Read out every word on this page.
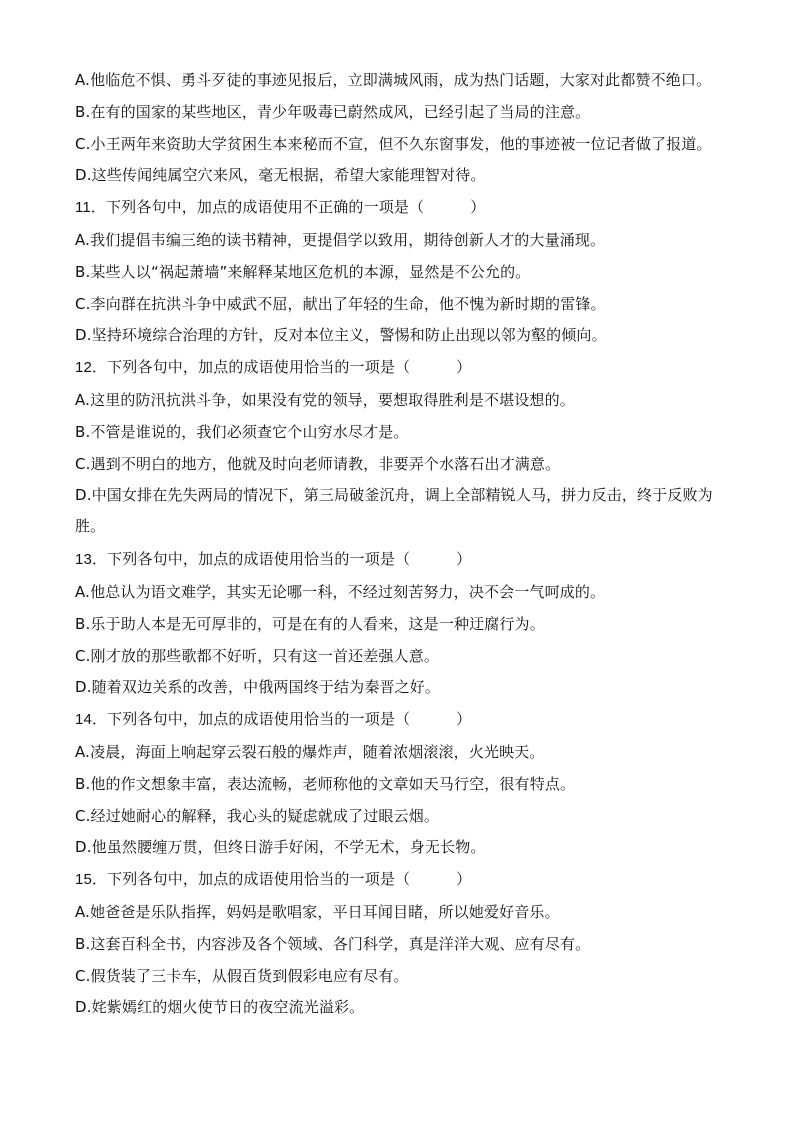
A.他临危不惧、勇斗歹徒的事迹见报后，立即满城风雨，成为热门话题，大家对此都赞不绝口。
B.在有的国家的某些地区，青少年吸毒已蔚然成风，已经引起了当局的注意。
C.小王两年来资助大学贫困生本来秘而不宣，但不久东窗事发，他的事迹被一位记者做了报道。
D.这些传闻纯属空穴来风，毫无根据，希望大家能理智对待。
11．下列各句中，加点的成语使用不正确的一项是（	）
A.我们提倡韦编三绝的读书精神，更提倡学以致用，期待创新人才的大量涌现。
B.某些人以“祸起萧墙”来解释某地区危机的本源，显然是不公允的。
C.李向群在抗洪斗争中威武不屈，献出了年轻的生命，他不愧为新时期的雷锋。
D.坚持环境综合治理的方针，反对本位主义，警惕和防止出现以邻为壑的倾向。
12．下列各句中，加点的成语使用恰当的一项是（	）
A.这里的防汛抗洪斗争，如果没有党的领导，要想取得胜利是不堪设想的。
B.不管是谁说的，我们必须查它个山穷水尽才是。
C.遇到不明白的地方，他就及时向老师请教，非要弄个水落石出才满意。
D.中国女排在先失两局的情况下，第三局破釜沉舟，调上全部精锐人马，拼力反击，终于反败为胜。
13．下列各句中，加点的成语使用恰当的一项是（	）
A.他总认为语文难学，其实无论哪一科，不经过刻苦努力，决不会一气呵成的。
B.乐于助人本是无可厚非的，可是在有的人看来，这是一种迂腐行为。
C.刚才放的那些歌都不好听，只有这一首还差强人意。
D.随着双边关系的改善，中俄两国终于结为秦晋之好。
14．下列各句中，加点的成语使用恰当的一项是（	）
A.凌晨，海面上响起穿云裂石般的爆炸声，随着浓烟滚滚，火光映天。
B.他的作文想象丰富，表达流畅，老师称他的文章如天马行空，很有特点。
C.经过她耐心的解释，我心头的疑虑就成了过眼云烟。
D.他虽然腰缠万贯，但终日游手好闲，不学无术，身无长物。
15．下列各句中，加点的成语使用恰当的一项是（	）
A.她爸爸是乐队指挥，妈妈是歌唱家，平日耳闻目睹，所以她爱好音乐。
B.这套百科全书，内容涉及各个领域、各门科学，真是洋洋大观、应有尽有。
C.假货装了三卡车，从假百货到假彩电应有尽有。
D.姹紫嫣红的烟火使节日的夜空流光溢彩。
